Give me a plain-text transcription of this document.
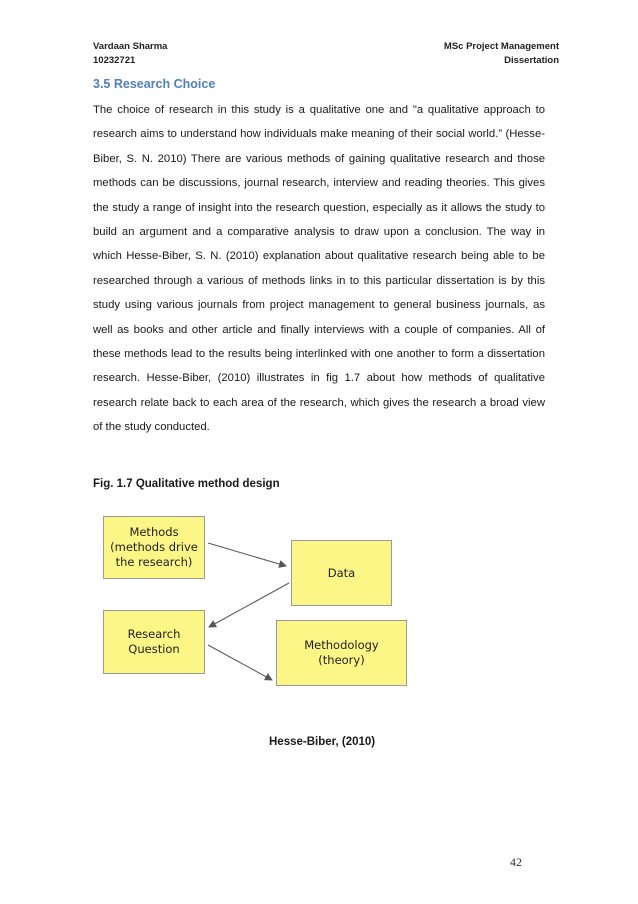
Vardaan Sharma
10232721
MSc Project Management
Dissertation
3.5 Research Choice

The choice of research in this study is a qualitative one and "a qualitative approach to research aims to understand how individuals make meaning of their social world.” (Hesse-Biber, S. N. 2010) There are various methods of gaining qualitative research and those methods can be discussions, journal research, interview and reading theories. This gives the study a range of insight into the research question, especially as it allows the study to build an argument and a comparative analysis to draw upon a conclusion. The way in which Hesse-Biber, S. N. (2010) explanation about qualitative research being able to be researched through a various of methods links in to this particular dissertation is by this study using various journals from project management to general business journals, as well as books and other article and finally interviews with a couple of companies. All of these methods lead to the results being interlinked with one another to form a dissertation research. Hesse-Biber, (2010) illustrates in fig 1.7 about how methods of qualitative research relate back to each area of the research, which gives the research a broad view of the study conducted.

Fig. 1.7 Qualitative method design
Methods
(methods drive
the research)
Data
Research
Question	Methodology
(theory)
Hesse-Biber, (2010)
42
